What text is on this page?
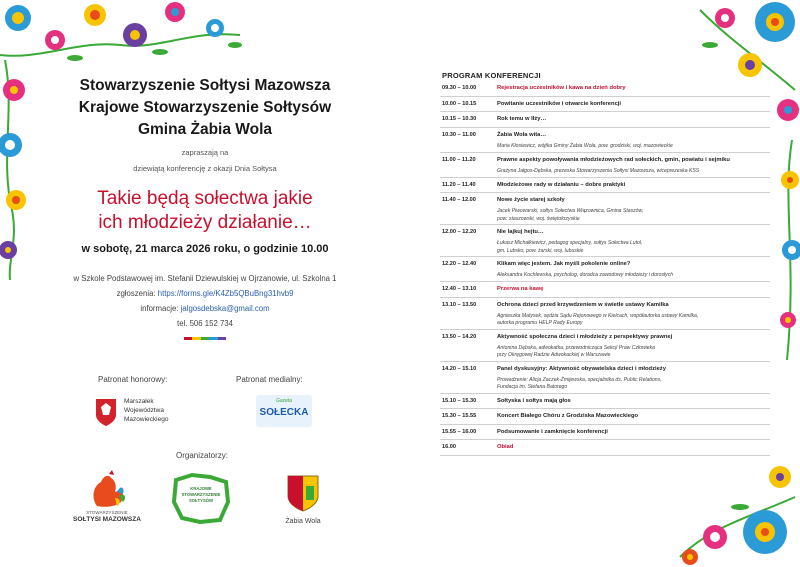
Stowarzyszenie Sołtysi Mazowsza

Krajowe Stowarzyszenie Sołtysów

Gmina Żabia Wola

zapraszają na
dziewiątą konferencję z okazji Dnia Sołtysa
Takie będą sołectwa jakie
ich młodzieży działanie…
w sobotę, 21 marca 2026 roku, o godzinie 10.00
w Szkole Podstawowej im. Stefanii Dziewulskiej w Ojrzanowie, ul. Szkolna 1
zgłoszenia: https://forms.gle/K4Zb5QBuBng31hvb9
informacje: jalgosdebska@gmail.com
tel. 506 152 734
Patronat honorowy:
Marszałek
Województwa
Mazowieckiego
Patronat medialny:
Gazeta
SOŁECKA
Organizatorzy:
STOWARZYSZENIE
SOŁTYSI MAZOWSZA
KRAJOWE
STOWARZYSZENIE
SOŁTYSÓW
Żabia Wola
PROGRAM KONFERENCJI
09.30 – 10.00	Rejestracja uczestników i kawa na dzień dobry
10.00 – 10.15	Powitanie uczestników i otwarcie konferencji
10.15 – 10.30	Rok temu w Iłży…
10.30 – 11.00	Żabia Wola wita…
Maria Kłosiewicz, wójtka Gminy Żabia Wola, pow. grodziski, woj. mazowieckie
11.00 – 11.20	Prawne aspekty powoływania młodzieżowych rad sołeckich, gmin, powiatu i sejmiku
Grażyna Jałgos-Dębska, prezeska Stowarzyszenia Sołtysi Mazowsza, wiceprezeska KSS
11.20 – 11.40	Młodzieżowe rady w działaniu – dobre praktyki
11.40 – 12.00	Nowe życie starej szkoły
Jacek Piwowarski, sołtys Sołectwa Wiązownica, Gmina Staszów,
pow. staszowski, woj. świętokrzyskie
12.00 – 12.20	Nie lajkuj hejtu…
Łukasz Michałkiewicz, pedagog specjalny, sołtys Sołectwa Lutol,
gm. Lubsko, pow. żarski, woj. lubuskie
12.20 – 12.40	Klikam więc jestem. Jak myśli pokolenie online?
Aleksandra Kochlewska, psycholog, doradca zawodowy młodzieży i dorosłych
12.40 – 13.10	Przerwa na kawę
13.10 – 13.50	Ochrona dzieci przed krzywdzeniem w świetle ustawy Kamilka
Agnieszka Matysek, sędzia Sądu Rejonowego w Kielcach, współautorka ustawy Kamilka,
autorka programu HELP Rady Europy
13.50 – 14.20	Aktywność społeczna dzieci i młodzieży z perspektywy prawnej
Antonina Dębska, adwokatka, przewodnicząca Sekcji Praw Człowieka
przy Okręgowej Radzie Adwokackiej w Warszawie
14.20 – 15.10	Panel dyskusyjny: Aktywność obywatelska dzieci i młodzieży
Prowadzenie: Alicja Zaczek-Żmijewska, specjalistka ds. Public Relations,
Fundacja im. Stefana Batorego
15.10 – 15.30	Sołtyska i sołtys mają głos
15.30 – 15.55	Koncert Białego Chóru z Grodziska Mazowieckiego
15.55 – 16.00	Podsumowanie i zamknięcie konferencji
16.00	Obiad
